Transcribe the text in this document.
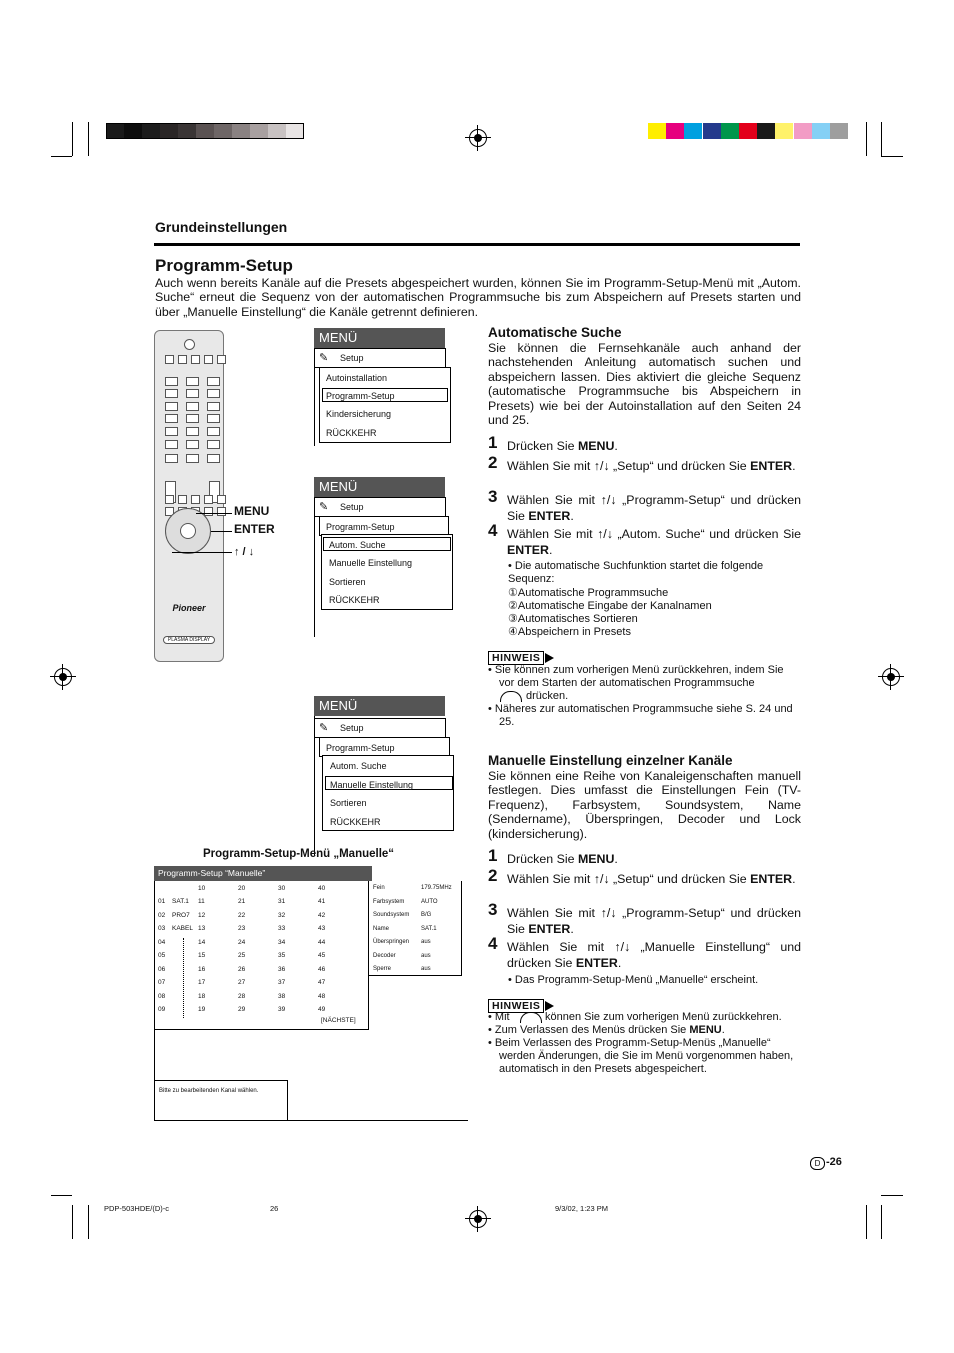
Grundeinstellungen
Programm-Setup
Auch wenn bereits Kanäle auf die Presets abgespeichert wurden, können Sie im Programm-Setup-Menü mit „Autom. Suche“ erneut die Sequenz von der automatischen Programmsuche bis zum Abspeichern auf Presets starten und über „Manuelle Einstellung“ die Kanäle getrennt definieren.
Pioneer
PLASMA DISPLAY
MENU
ENTER
↑ / ↓
MENÜ
✎ Setup
Autoinstallation
Programm-Setup
Kindersicherung
RÜCKKEHR
MENÜ
✎ Setup
Programm-Setup
Autom. Suche
Manuelle Einstellung
Sortieren
RÜCKKEHR
MENÜ
✎ Setup
Programm-Setup
Autom. Suche
Manuelle Einstellung
Sortieren
RÜCKKEHR
Programm-Setup-Menü „Manuelle“
Programm-Setup “Manuelle”
10	20	30	40
01 SAT.1 11	21	31	41
02 PRO7 12	22	32	42
03 KABEL 13	23	33	43
04	14	24	34	44
05	15	25	35	45
06	16	26	36	46
07	17	27	37	47
08	18	28	38	48
09	19	29	39	49
[NÄCHSTE]
Fein	179.75MHz
Farbsystem	AUTO
Soundsystem B/G
Name	SAT.1
Überspringen aus
Decoder	aus
Sperre	aus
Bitte zu bearbeitenden Kanal wählen.
Automatische Suche
Sie können die Fernsehkanäle auch anhand der nachstehenden Anleitung automatisch suchen und abspeichern lassen. Dies aktiviert die gleiche Sequenz (automatische Programmsuche bis Abspeichern in Presets) wie bei der Autoinstallation auf den Seiten 24 und 25.
1 Drücken Sie MENU.
2 Wählen Sie mit ↑/↓ „Setup“ und drücken Sie ENTER.
3 Wählen Sie mit ↑/↓ „Programm-Setup“ und drücken Sie ENTER.
4 Wählen Sie mit ↑/↓ „Autom. Suche“ und drücken Sie ENTER.
• Die automatische Suchfunktion startet die folgende Sequenz:
①Automatische Programmsuche
②Automatische Eingabe der Kanalnamen
③Automatisches Sortieren
④Abspeichern in Presets
HINWEIS
• Sie können zum vorherigen Menü zurückkehren, indem Sie vor dem Starten der automatischen Programmsuche
drücken.
• Näheres zur automatischen Programmsuche siehe S. 24 und 25.
Manuelle Einstellung einzelner Kanäle
Sie können eine Reihe von Kanaleigenschaften manuell festlegen. Dies umfasst die Einstellungen Fein (TV-Frequenz), Farbsystem, Soundsystem, Name (Sendername), Überspringen, Decoder und Lock (kindersicherung).
1 Drücken Sie MENU.
2 Wählen Sie mit ↑/↓ „Setup“ und drücken Sie ENTER.
3 Wählen Sie mit ↑/↓ „Programm-Setup“ und drücken Sie ENTER.
4 Wählen Sie mit ↑/↓ „Manuelle Einstellung“ und drücken Sie ENTER.
• Das Programm-Setup-Menü „Manuelle“ erscheint.
HINWEIS
• Mit	können Sie zum vorherigen Menü zurückkehren.
• Zum Verlassen des Menüs drücken Sie MENU.
• Beim Verlassen des Programm-Setup-Menüs „Manuelle“ werden Änderungen, die Sie im Menü vorgenommen haben, automatisch in den Presets abgespeichert.
D -26
PDP-503HDE/(D)-c	26	9/3/02, 1:23 PM
